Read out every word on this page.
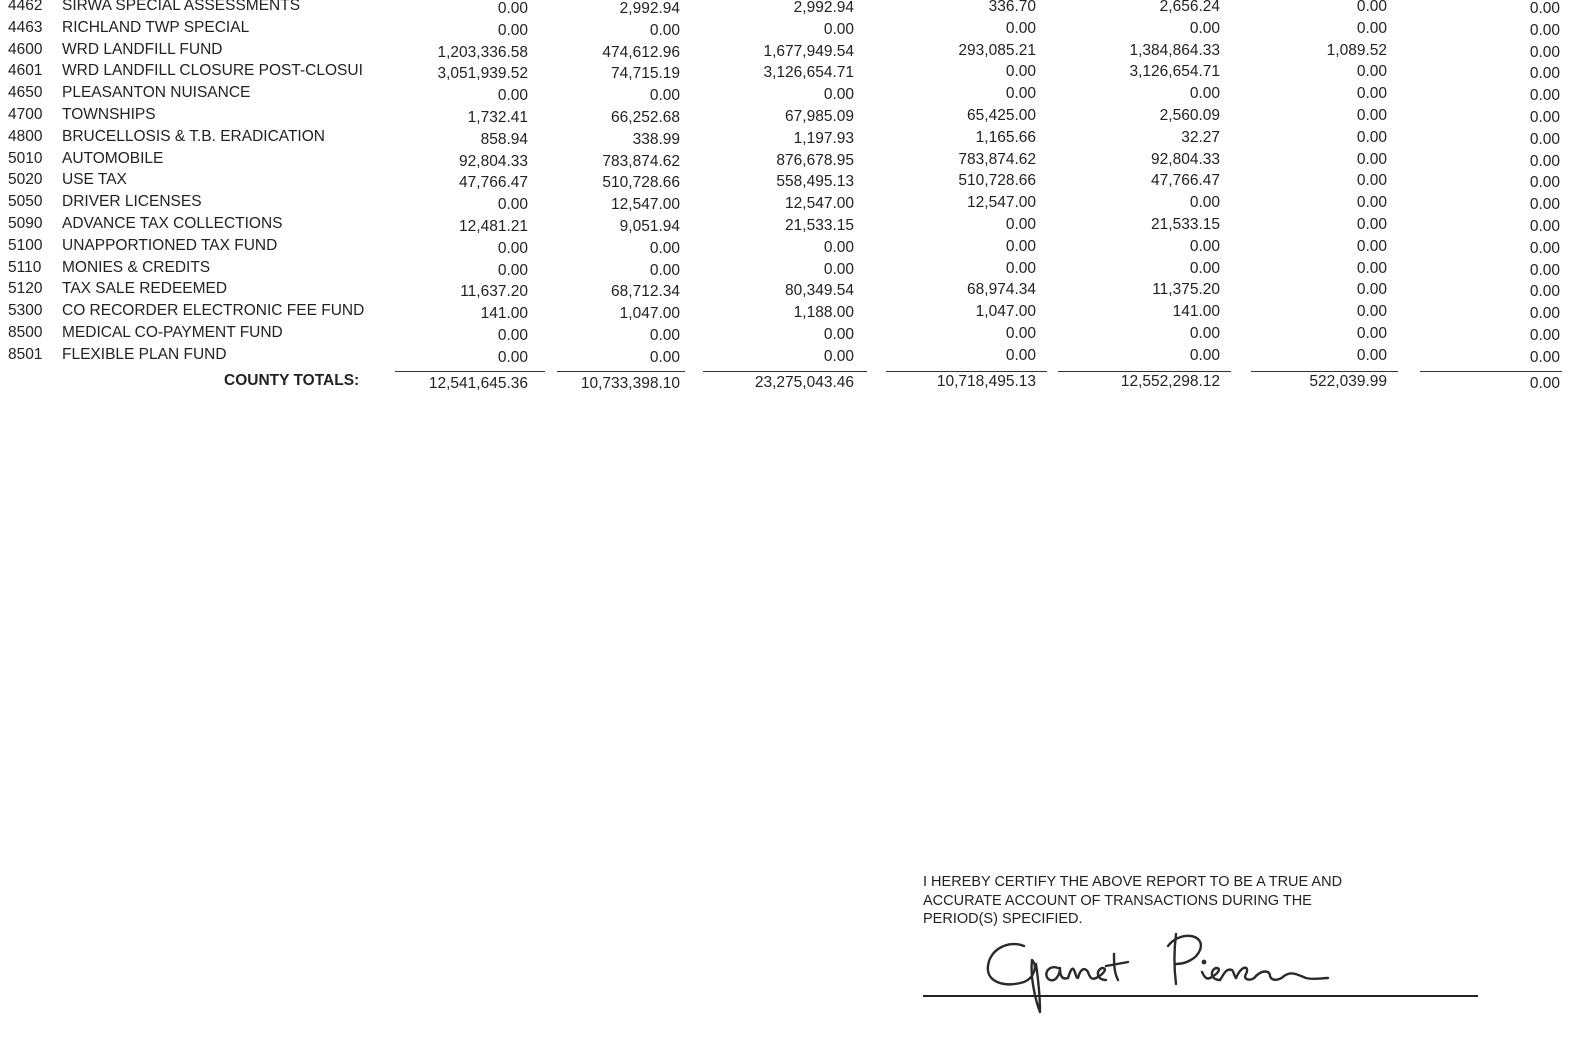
4462 SIRWA SPECIAL ASSESSMENTS	0.00	2,992.94	2,992.94	336.70	2,656.24	0.00	0.00
4463 RICHLAND TWP SPECIAL	0.00	0.00	0.00	0.00	0.00	0.00	0.00
4600 WRD LANDFILL FUND	1,203,336.58	474,612.96	1,677,949.54	293,085.21	1,384,864.33	1,089.52	0.00
4601 WRD LANDFILL CLOSURE POST-CLOSUI	3,051,939.52	74,715.19	3,126,654.71	0.00	3,126,654.71	0.00	0.00
4650 PLEASANTON NUISANCE	0.00	0.00	0.00	0.00	0.00	0.00	0.00
4700 TOWNSHIPS	1,732.41	66,252.68	67,985.09	65,425.00	2,560.09	0.00	0.00
4800 BRUCELLOSIS & T.B. ERADICATION	858.94	338.99	1,197.93	1,165.66	32.27	0.00	0.00
5010 AUTOMOBILE	92,804.33	783,874.62	876,678.95	783,874.62	92,804.33	0.00	0.00
5020 USE TAX	47,766.47	510,728.66	558,495.13	510,728.66	47,766.47	0.00	0.00
5050 DRIVER LICENSES	0.00	12,547.00	12,547.00	12,547.00	0.00	0.00	0.00
5090 ADVANCE TAX COLLECTIONS	12,481.21	9,051.94	21,533.15	0.00	21,533.15	0.00	0.00
5100 UNAPPORTIONED TAX FUND	0.00	0.00	0.00	0.00	0.00	0.00	0.00
5110 MONIES & CREDITS	0.00	0.00	0.00	0.00	0.00	0.00	0.00
5120 TAX SALE REDEEMED	11,637.20	68,712.34	80,349.54	68,974.34	11,375.20	0.00	0.00
5300 CO RECORDER ELECTRONIC FEE FUND	141.00	1,047.00	1,188.00	1,047.00	141.00	0.00	0.00
8500 MEDICAL CO-PAYMENT FUND	0.00	0.00	0.00	0.00	0.00	0.00	0.00
8501 FLEXIBLE PLAN FUND	0.00	0.00	0.00	0.00	0.00	0.00	0.00
COUNTY TOTALS:	12,541,645.36	10,733,398.10	23,275,043.46	10,718,495.13	12,552,298.12	522,039.99	0.00
I HEREBY CERTIFY THE ABOVE REPORT TO BE A TRUE AND
ACCURATE ACCOUNT OF TRANSACTIONS DURING THE
PERIOD(S) SPECIFIED.
